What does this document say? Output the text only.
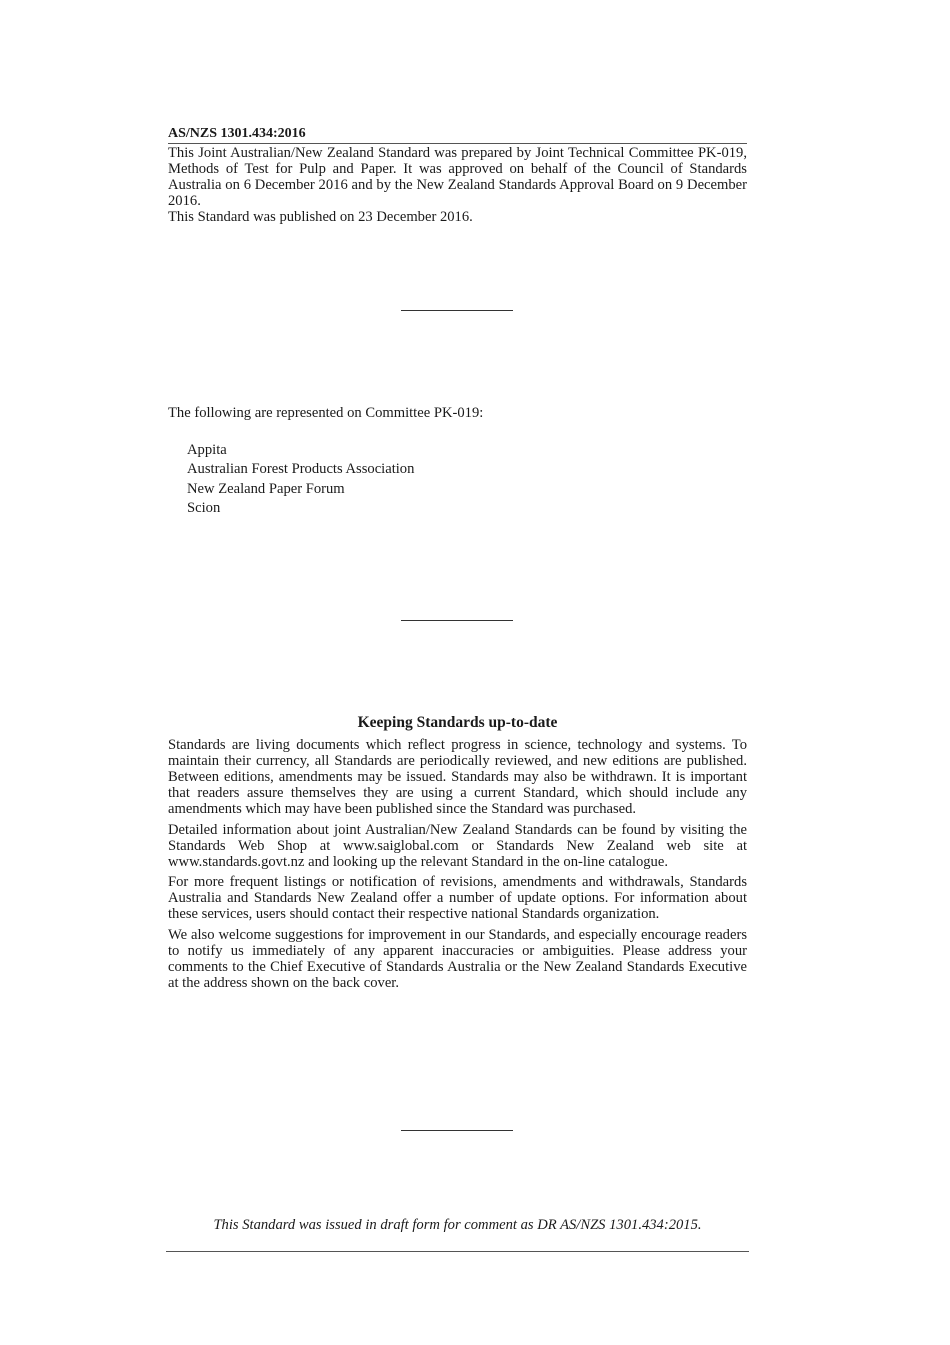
AS/NZS 1301.434:2016

This Joint Australian/New Zealand Standard was prepared by Joint Technical Committee PK-019, Methods of Test for Pulp and Paper. It was approved on behalf of the Council of Standards Australia on 6 December 2016 and by the New Zealand Standards Approval Board on 9 December 2016.

This Standard was published on 23 December 2016.

The following are represented on Committee PK-019:
Appita
Australian Forest Products Association
New Zealand Paper Forum
Scion
Keeping Standards up-to-date

Standards are living documents which reflect progress in science, technology and systems. To maintain their currency, all Standards are periodically reviewed, and new editions are published. Between editions, amendments may be issued. Standards may also be withdrawn. It is important that readers assure themselves they are using a current Standard, which should include any amendments which may have been published since the Standard was purchased.

Detailed information about joint Australian/New Zealand Standards can be found by visiting the Standards Web Shop at www.saiglobal.com or Standards New Zealand web site at www.standards.govt.nz and looking up the relevant Standard in the on-line catalogue.

For more frequent listings or notification of revisions, amendments and withdrawals, Standards Australia and Standards New Zealand offer a number of update options. For information about these services, users should contact their respective national Standards organization.

We also welcome suggestions for improvement in our Standards, and especially encourage readers to notify us immediately of any apparent inaccuracies or ambiguities. Please address your comments to the Chief Executive of Standards Australia or the New Zealand Standards Executive at the address shown on the back cover.

This Standard was issued in draft form for comment as DR AS/NZS 1301.434:2015.
